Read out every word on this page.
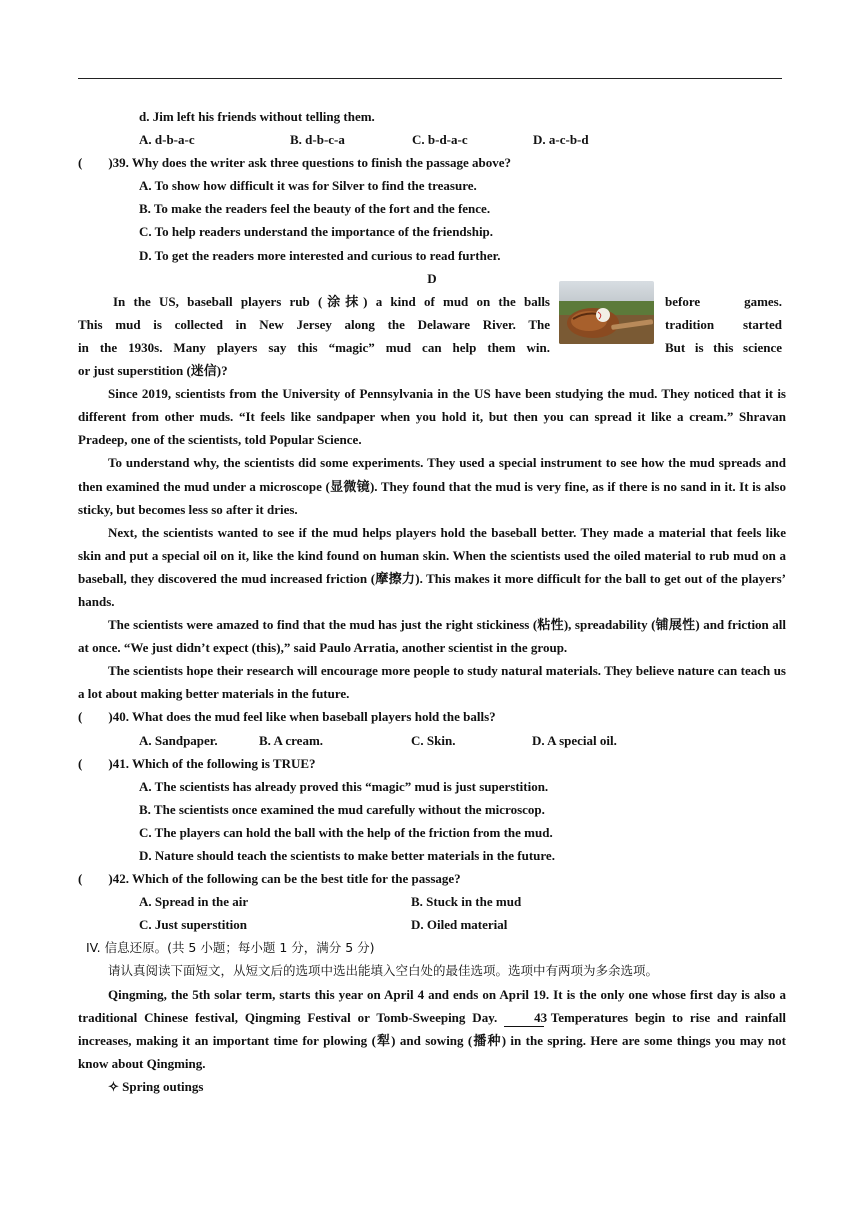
d. Jim left his friends without telling them.
A. d-b-a-c	B. d-b-c-a	C. b-d-a-c	D. a-c-b-d
(        )39. Why does the writer ask three questions to finish the passage above?
A. To show how difficult it was for Silver to find the treasure.
B. To make the readers feel the beauty of the fort and the fence.
C. To help readers understand the importance of the friendship.
D. To get the readers more interested and curious to read further.
D
In the US, baseball players rub (涂抹) a kind of mud on the balls	before games.
This mud is collected in New Jersey along the Delaware River. The	tradition started
in the 1930s. Many players say this “magic” mud can help them win.	But is this science
or just superstition (迷信)?

Since 2019, scientists from the University of Pennsylvania in the US have been studying the mud. They noticed that it is different from other muds. “It feels like sandpaper when you hold it, but then you can spread it like a cream.” Shravan Pradeep, one of the scientists, told Popular Science.

To understand why, the scientists did some experiments. They used a special instrument to see how the mud spreads and then examined the mud under a microscope (显微镜). They found that the mud is very fine, as if there is no sand in it. It is also sticky, but becomes less so after it dries.

Next, the scientists wanted to see if the mud helps players hold the baseball better. They made a material that feels like skin and put a special oil on it, like the kind found on human skin. When the scientists used the oiled material to rub mud on a baseball, they discovered the mud increased friction (摩擦力). This makes it more difficult for the ball to get out of the players’ hands.

The scientists were amazed to find that the mud has just the right stickiness (粘性), spreadability (铺展性) and friction all at once. “We just didn’t expect (this),” said Paulo Arratia, another scientist in the group.

The scientists hope their research will encourage more people to study natural materials. They believe nature can teach us a lot about making better materials in the future.

( )40. What does the mud feel like when baseball players hold the balls?
A. Sandpaper.	B. A cream.	C. Skin.	D. A special oil.
( )41. Which of the following is TRUE?
A. The scientists has already proved this “magic” mud is just superstition.
B. The scientists once examined the mud carefully without the microscop.
C. The players can hold the ball with the help of the friction from the mud.
D. Nature should teach the scientists to make better materials in the future.
( )42. Which of the following can be the best title for the passage?
A. Spread in the air	B. Stuck in the mud
C. Just superstition	D. Oiled material
IV. 信息还原。(共 5 小题；每小题 1 分，满分 5 分)
请认真阅读下面短文，从短文后的选项中选出能填入空白处的最佳选项。选项中有两项为多余选项。

Qingming, the 5th solar term, starts this year on April 4 and ends on April 19. It is the only one whose first day is also a traditional Chinese festival, Qingming Festival or Tomb-Sweeping Day.	43 Temperatures begin to rise and rainfall increases, making it an important time for plowing (犁) and sowing (播种) in the spring. Here are some things you may not know about Qingming.

✧ Spring outings
